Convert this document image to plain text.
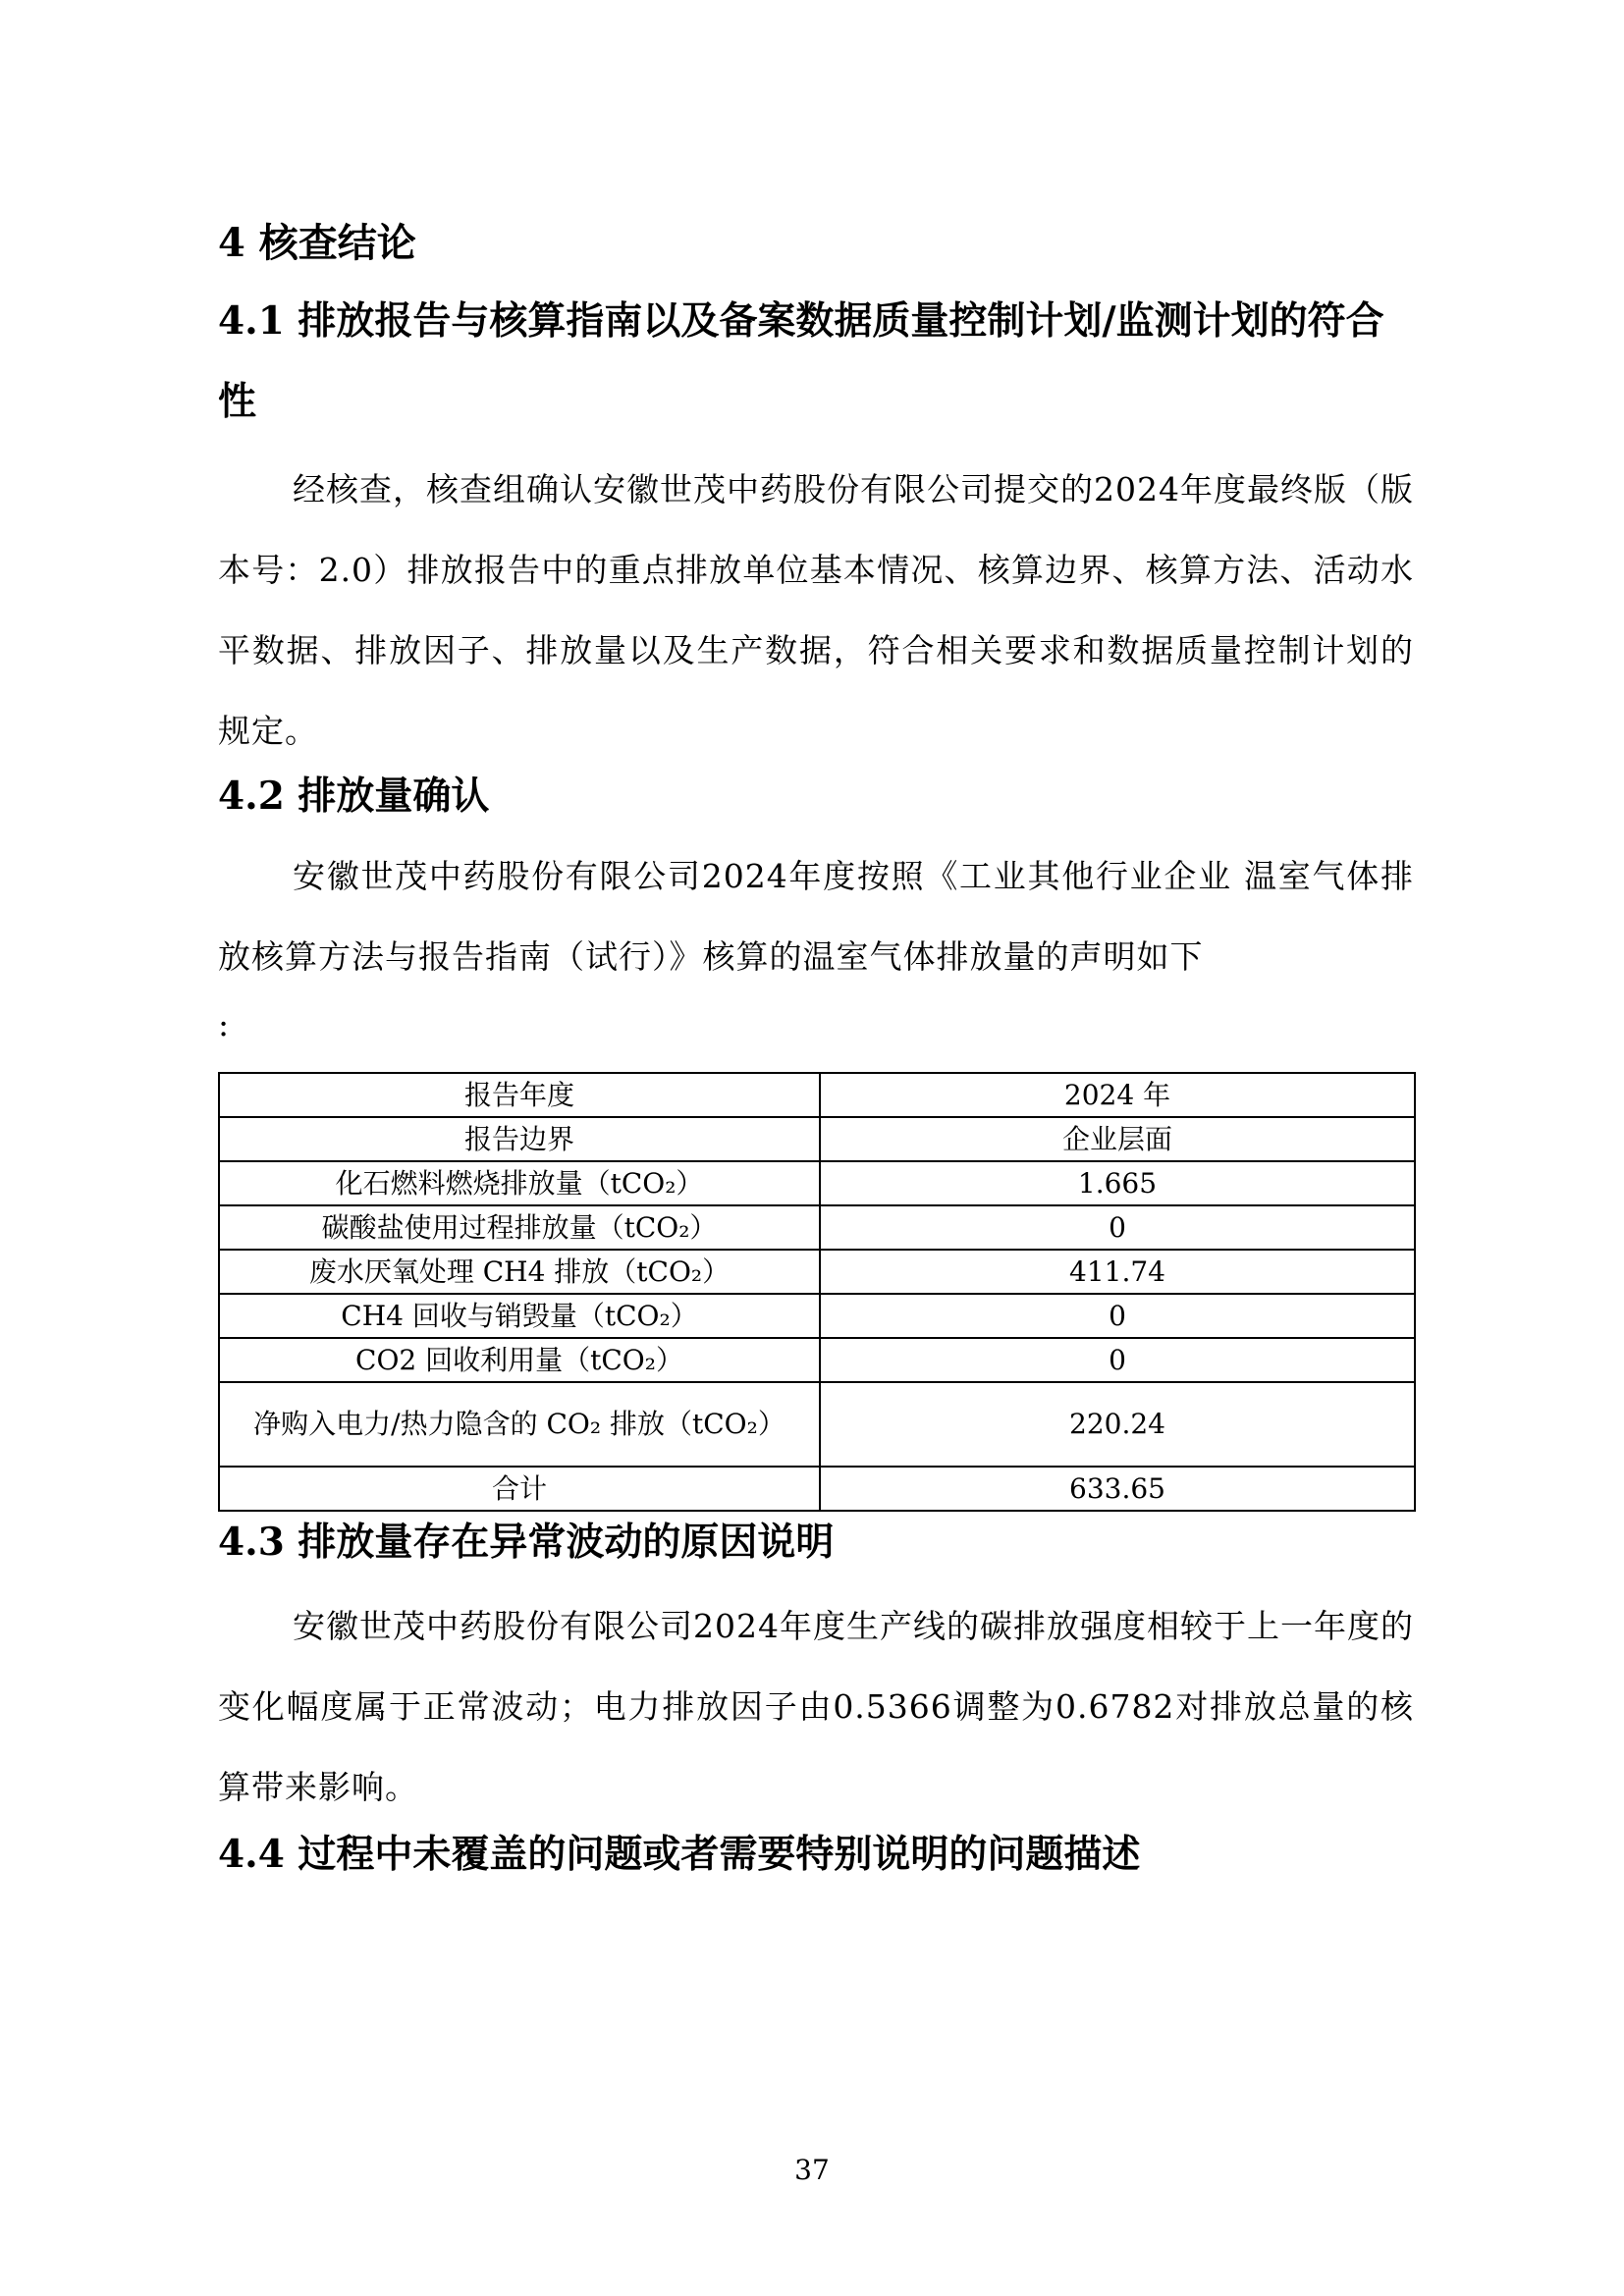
4 核查结论
4.1 排放报告与核算指南以及备案数据质量控制计划/监测计划的符合性
经核查，核查组确认安徽世茂中药股份有限公司提交的2024年度最终版（版本号：2.0）排放报告中的重点排放单位基本情况、核算边界、核算方法、活动水平数据、排放因子、排放量以及生产数据，符合相关要求和数据质量控制计划的规定。
4.2 排放量确认
安徽世茂中药股份有限公司2024年度按照《工业其他行业企业 温室气体排放核算方法与报告指南（试行）》核算的温室气体排放量的声明如下
:
报告年度	2024 年
报告边界	企业层面
化石燃料燃烧排放量（tCO₂）	1.665
碳酸盐使用过程排放量（tCO₂）	0
废水厌氧处理 CH4 排放（tCO₂）	411.74
CH4 回收与销毁量（tCO₂）	0
CO2 回收利用量（tCO₂）	0
净购入电力/热力隐含的 CO₂ 排放（tCO₂）	220.24
合计	633.65
4.3 排放量存在异常波动的原因说明
安徽世茂中药股份有限公司2024年度生产线的碳排放强度相较于上一年度的变化幅度属于正常波动；电力排放因子由0.5366调整为0.6782对排放总量的核算带来影响。
4.4 过程中未覆盖的问题或者需要特别说明的问题描述
37
